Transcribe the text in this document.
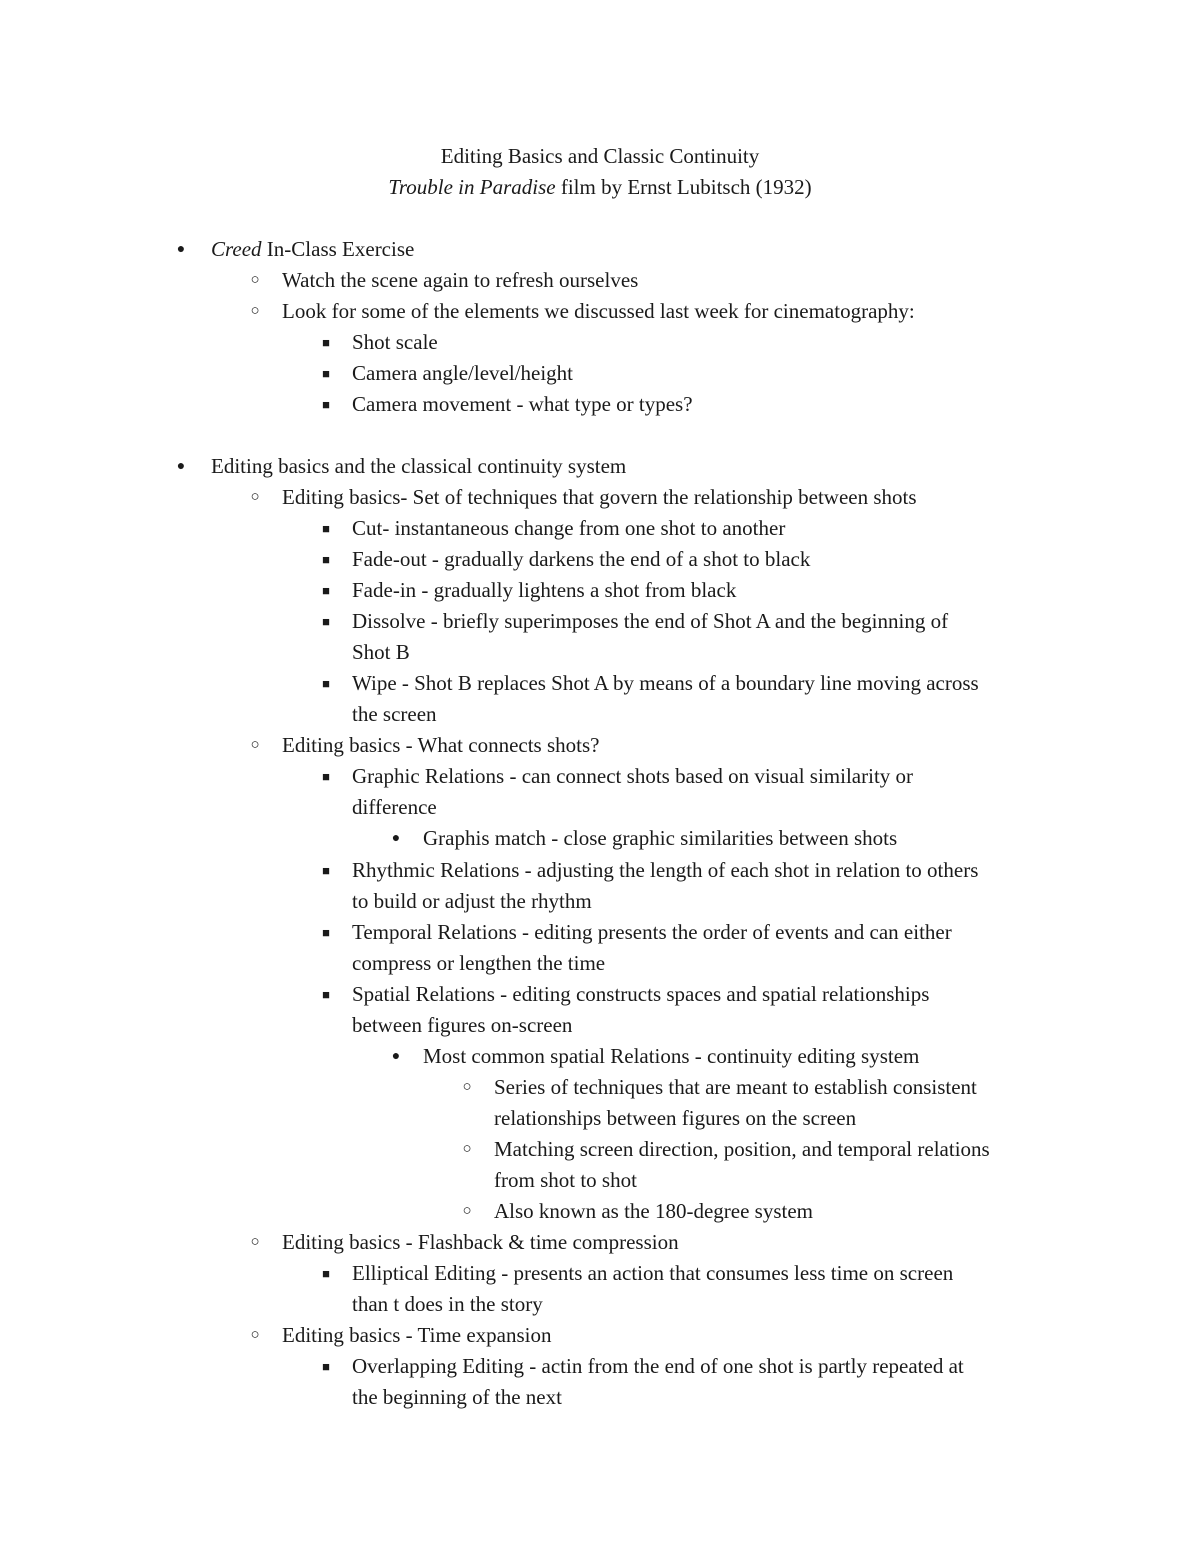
Editing Basics and Classic Continuity
Trouble in Paradise film by Ernst Lubitsch (1932)
● Creed In-Class Exercise
○ Watch the scene again to refresh ourselves
○ Look for some of the elements we discussed last week for cinematography:
■ Shot scale
■ Camera angle/level/height
■ Camera movement - what type or types?
● Editing basics and the classical continuity system
○ Editing basics- Set of techniques that govern the relationship between shots
■ Cut- instantaneous change from one shot to another
■ Fade-out - gradually darkens the end of a shot to black
■ Fade-in - gradually lightens a shot from black
■ Dissolve - briefly superimposes the end of Shot A and the beginning of
Shot B
■ Wipe - Shot B replaces Shot A by means of a boundary line moving across
the screen
○ Editing basics - What connects shots?
■ Graphic Relations - can connect shots based on visual similarity or
difference
● Graphis match - close graphic similarities between shots
■ Rhythmic Relations - adjusting the length of each shot in relation to others
to build or adjust the rhythm
■ Temporal Relations - editing presents the order of events and can either
compress or lengthen the time
■ Spatial Relations - editing constructs spaces and spatial relationships
between figures on-screen
● Most common spatial Relations - continuity editing system
○ Series of techniques that are meant to establish consistent
relationships between figures on the screen
○ Matching screen direction, position, and temporal relations
from shot to shot
○ Also known as the 180-degree system
○ Editing basics - Flashback & time compression
■ Elliptical Editing - presents an action that consumes less time on screen
than t does in the story
○ Editing basics - Time expansion
■ Overlapping Editing - actin from the end of one shot is partly repeated at
the beginning of the next
